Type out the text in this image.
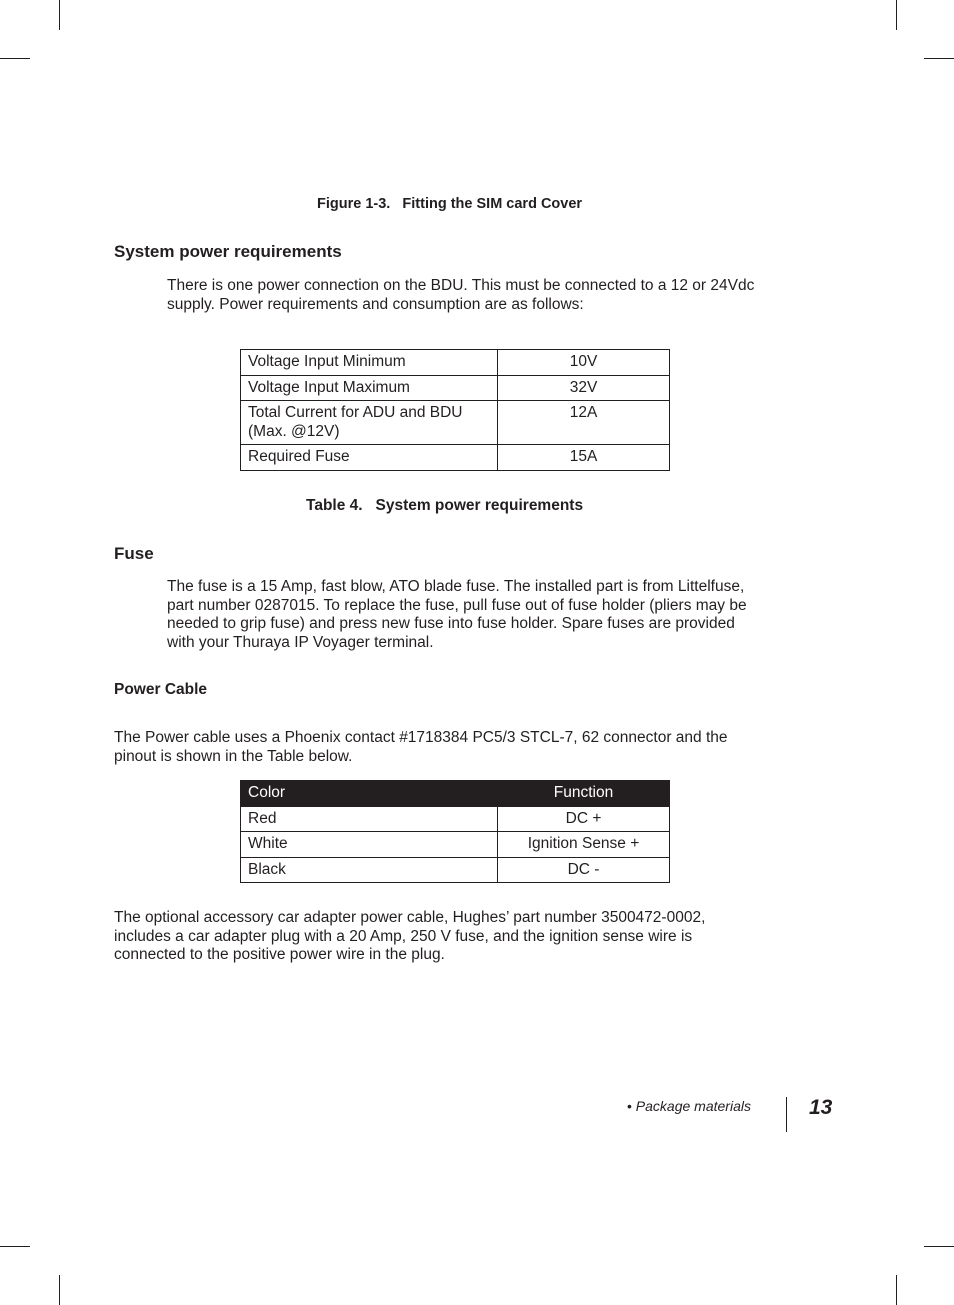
Figure 1-3.   Fitting the SIM card Cover
System power requirements
There is one power connection on the BDU. This must be connected to a 12 or 24Vdc
supply. Power requirements and consumption are as follows:
Voltage Input Minimum	10V
Voltage Input Maximum	32V

Total Current for ADU and BDU
(Max. @12V)	12A
Required Fuse	15A
Table 4.   System power requirements
Fuse
The fuse is a 15 Amp, fast blow, ATO blade fuse. The installed part is from Littelfuse,
part number 0287015. To replace the fuse, pull fuse out of fuse holder (pliers may be
needed to grip fuse) and press new fuse into fuse holder. Spare fuses are provided
with your Thuraya IP Voyager terminal.
Power Cable
The Power cable uses a Phoenix contact #1718384 PC5/3 STCL-7, 62 connector and the
pinout is shown in the Table below.
Color	Function
Red	DC +
White	Ignition Sense +
Black	DC -
The optional accessory car adapter power cable, Hughes’ part number 3500472-0002,
includes a car adapter plug with a 20 Amp, 250 V fuse, and the ignition sense wire is
connected to the positive power wire in the plug.
• Package materials	13
